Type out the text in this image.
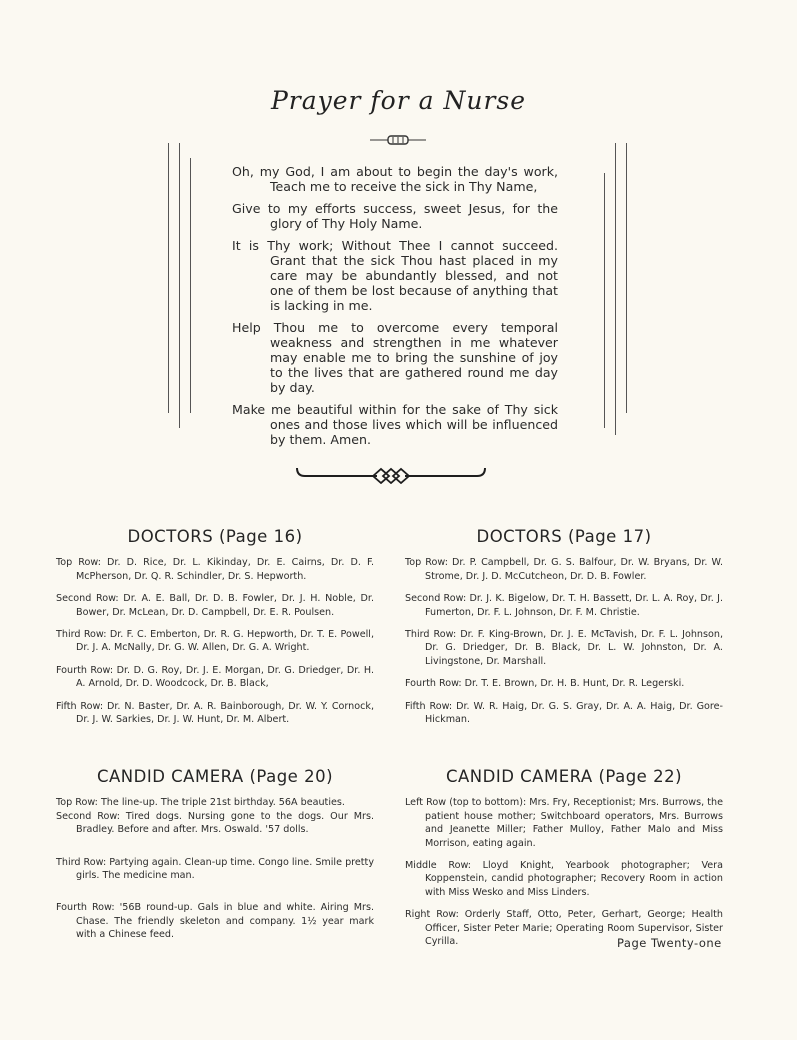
Prayer for a Nurse

Oh, my God, I am about to begin the day's work, Teach me to receive the sick in Thy Name,

Give to my efforts success, sweet Jesus, for the glory of Thy Holy Name.

It is Thy work; Without Thee I cannot succeed. Grant that the sick Thou hast placed in my care may be abundantly blessed, and not one of them be lost because of anything that is lacking in me.

Help Thou me to overcome every temporal weakness and strengthen in me whatever may enable me to bring the sunshine of joy to the lives that are gathered round me day by day.

Make me beautiful within for the sake of Thy sick ones and those lives which will be influenced by them. Amen.

DOCTORS (Page 16)
Top Row: Dr. D. Rice, Dr. L. Kikinday, Dr. E. Cairns, Dr. D. F. McPherson, Dr. Q. R. Schindler, Dr. S. Hepworth.
Second Row: Dr. A. E. Ball, Dr. D. B. Fowler, Dr. J. H. Noble, Dr. Bower, Dr. McLean, Dr. D. Campbell, Dr. E. R. Poulsen.
Third Row: Dr. F. C. Emberton, Dr. R. G. Hepworth, Dr. T. E. Powell, Dr. J. A. McNally, Dr. G. W. Allen, Dr. G. A. Wright.
Fourth Row: Dr. D. G. Roy, Dr. J. E. Morgan, Dr. G. Driedger, Dr. H. A. Arnold, Dr. D. Woodcock, Dr. B. Black,
Fifth Row: Dr. N. Baster, Dr. A. R. Bainborough, Dr. W. Y. Cornock, Dr. J. W. Sarkies, Dr. J. W. Hunt, Dr. M. Albert.
DOCTORS (Page 17)
Top Row: Dr. P. Campbell, Dr. G. S. Balfour, Dr. W. Bryans, Dr. W. Strome, Dr. J. D. McCutcheon, Dr. D. B. Fowler.
Second Row: Dr. J. K. Bigelow, Dr. T. H. Bassett, Dr. L. A. Roy, Dr. J. Fumerton, Dr. F. L. Johnson, Dr. F. M. Christie.
Third Row: Dr. F. King-Brown, Dr. J. E. McTavish, Dr. F. L. Johnson, Dr. G. Driedger, Dr. B. Black, Dr. L. W. Johnston, Dr. A. Livingstone, Dr. Marshall.
Fourth Row: Dr. T. E. Brown, Dr. H. B. Hunt, Dr. R. Legerski.
Fifth Row: Dr. W. R. Haig, Dr. G. S. Gray, Dr. A. A. Haig, Dr. Gore-Hickman.
CANDID CAMERA (Page 20)
Top Row: The line-up. The triple 21st birthday. 56A beauties.
Second Row: Tired dogs. Nursing gone to the dogs. Our Mrs. Bradley. Before and after. Mrs. Oswald. '57 dolls.
Third Row: Partying again. Clean-up time. Congo line. Smile pretty girls. The medicine man.
Fourth Row: '56B round-up. Gals in blue and white. Airing Mrs. Chase. The friendly skeleton and company. 1½ year mark with a Chinese feed.
CANDID CAMERA (Page 22)
Left Row (top to bottom): Mrs. Fry, Receptionist; Mrs. Burrows, the patient house mother; Switchboard operators, Mrs. Burrows and Jeanette Miller; Father Mulloy, Father Malo and Miss Morrison, eating again.
Middle Row: Lloyd Knight, Yearbook photographer; Vera Koppenstein, candid photographer; Recovery Room in action with Miss Wesko and Miss Linders.
Right Row: Orderly Staff, Otto, Peter, Gerhart, George; Health Officer, Sister Peter Marie; Operating Room Supervisor, Sister Cyrilla.	Page Twenty-one
